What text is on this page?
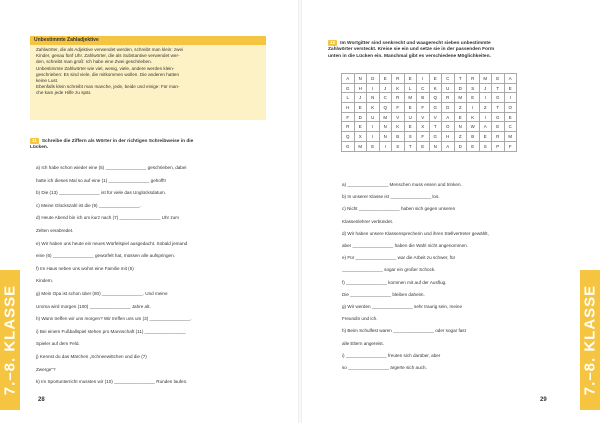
7.–8. KLASSE
28
Unbestimmte Zahladjektive
Zahlwörter, die als Adjektive verwendet werden, schreibt man klein: zwei
Kinder, genau fünf Uhr. Zahlwörter, die als Substantive verwendet wer-
den, schreibt man groß: Ich habe eine Zwei geschrieben.
Unbestimmte Zahlwörter wie viel, wenig, viele, andere werden klein-
geschrieben: Es sind viele, die mitkommen wollen. Die anderen hatten
keine Lust.
Ebenfalls klein schreibt man manche, jede, beide und einige: Für man-
che kam jede Hilfe zu spät.
11 Schreibe die Ziffern als Wörter in der richtigen Schreibweise in die
Lücken.
a) Ich habe schon wieder eine (5) ________________ geschrieben, dabei
hatte ich dieses Mal so auf eine (1) ________________ gehofft!
b) Die (13) ________________ ist für viele das Unglücksdatum.
c) Meine Glückszahl ist die (9) ________________.
d) Heute Abend bin ich um kurz nach (7) ________________ Uhr zum
Zelten verabredet.
e) Wir haben uns heute ein neues Würfelspiel ausgedacht. Sobald jemand
eine (6) ________________ gewürfelt hat, müssen alle aufspringen.
f) Im Haus neben uns wohnt eine Familie mit (5)
Kindern.
g) Mein Opa ist schon über (80) ________________. Und meine
Uroma wird morgen (100) ________________ Jahre alt.
h) Wann treffen wir uns morgen? Wir treffen uns um (3) ________________.
i) Bei einem Fußballspiel stehen pro Mannschaft (11) ________________
Spieler auf dem Feld.
j) Kennst du das Märchen „Schneewittchen und die (7)
Zwerge"?
k) Im Sportunterricht mussten wir (10) ________________ Runden laufen.	7.–8. KLASSE
29
12 Im Wortgitter sind senkrecht und waagerecht sieben unbestimmte
Zahlwörter versteckt. Kreise sie ein und setze sie in der passenden Form
unten in die Lücken ein. Manchmal gibt es verschiedene Möglichkeiten.
A	N	D	E	R	E	I	E	C	T	R	M	E	A
G	H	I	J	K	L	C	K	U	D	S	J	T	E
L	J	N	C	R	M	B	Q	R	M	E	I	G	I
H	E	K	Q	F	E	F	G	D	Z	I	Z	T	O
F	D	U	M	V	U	V	V	A	E	K	I	G	E
R	E	I	N	K	E	X	T	O	N	W	A	E	C
Q	X	I	N	B	S	F	G	H	Z	B	E	R	M
G	M	E	I	S	T	E	N	A	D	E	S	P	F
a) ________________ Menschen muss essen und trinken.
b) In unserer Klasse ist ________________ los.
c) Nicht ________________ haben sich gegen unseren
Klassenlehrer verbündet.
d) Wir haben unsere Klassensprecherin und ihren Stellvertreter gewählt,
aber ________________ haben die Wahl nicht angenommen.
e) Für ________________ war die Arbeit zu schwer, für
________________ sogar ein großer Schock.
f) ________________ kommen mit auf der Ausflug.
Die ________________ bleiben daheim.
g) Wir werden ________________ sehr traurig sein, meine
Freundin und ich.
h) Beim Schulfest waren ________________ oder sogar fast
alle Eltern angereist.
i) ________________ freuten sich darüber, aber
so ________________ ärgerte sich auch.
